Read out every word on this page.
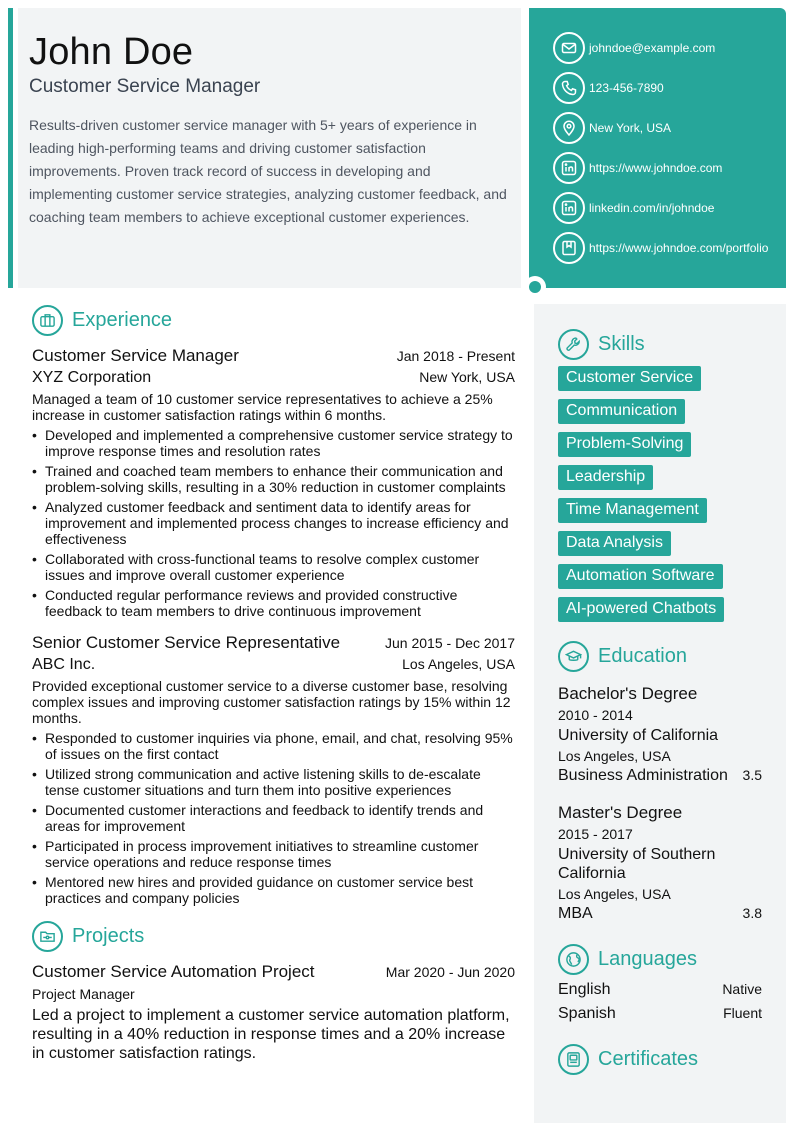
John Doe
Customer Service Manager

Results-driven customer service manager with 5+ years of experience in leading high-performing teams and driving customer satisfaction improvements. Proven track record of success in developing and implementing customer service strategies, analyzing customer feedback, and coaching team members to achieve exceptional customer experiences.

johndoe@example.com
123-456-7890
New York, USA
https://www.johndoe.com
linkedin.com/in/johndoe
https://www.johndoe.com/portfolio
Experience
Customer Service Manager	Jan 2018 - Present
XYZ Corporation	New York, USA

Managed a team of 10 customer service representatives to achieve a 25% increase in customer satisfaction ratings within 6 months.

• Developed and implemented a comprehensive customer service strategy to improve response times and resolution rates
• Trained and coached team members to enhance their communication and problem-solving skills, resulting in a 30% reduction in customer complaints
• Analyzed customer feedback and sentiment data to identify areas for improvement and implemented process changes to increase efficiency and effectiveness
• Collaborated with cross-functional teams to resolve complex customer issues and improve overall customer experience
• Conducted regular performance reviews and provided constructive feedback to team members to drive continuous improvement
Senior Customer Service Representative	Jun 2015 - Dec 2017
ABC Inc.	Los Angeles, USA

Provided exceptional customer service to a diverse customer base, resolving complex issues and improving customer satisfaction ratings by 15% within 12 months.

• Responded to customer inquiries via phone, email, and chat, resolving 95% of issues on the first contact
• Utilized strong communication and active listening skills to de-escalate tense customer situations and turn them into positive experiences
• Documented customer interactions and feedback to identify trends and areas for improvement
• Participated in process improvement initiatives to streamline customer service operations and reduce response times
• Mentored new hires and provided guidance on customer service best practices and company policies
Projects
Customer Service Automation Project	Mar 2020 - Jun 2020
Project Manager

Led a project to implement a customer service automation platform, resulting in a 40% reduction in response times and a 20% increase in customer satisfaction ratings.

Skills
Customer Service
Communication
Problem-Solving
Leadership
Time Management
Data Analysis
Automation Software
AI-powered Chatbots
Education
Bachelor's Degree
2010 - 2014
University of California
Los Angeles, USA
Business Administration 3.5
Master's Degree
2015 - 2017
University of Southern California
Los Angeles, USA
MBA	3.8
Languages
English	Native
Spanish	Fluent
Certificates
